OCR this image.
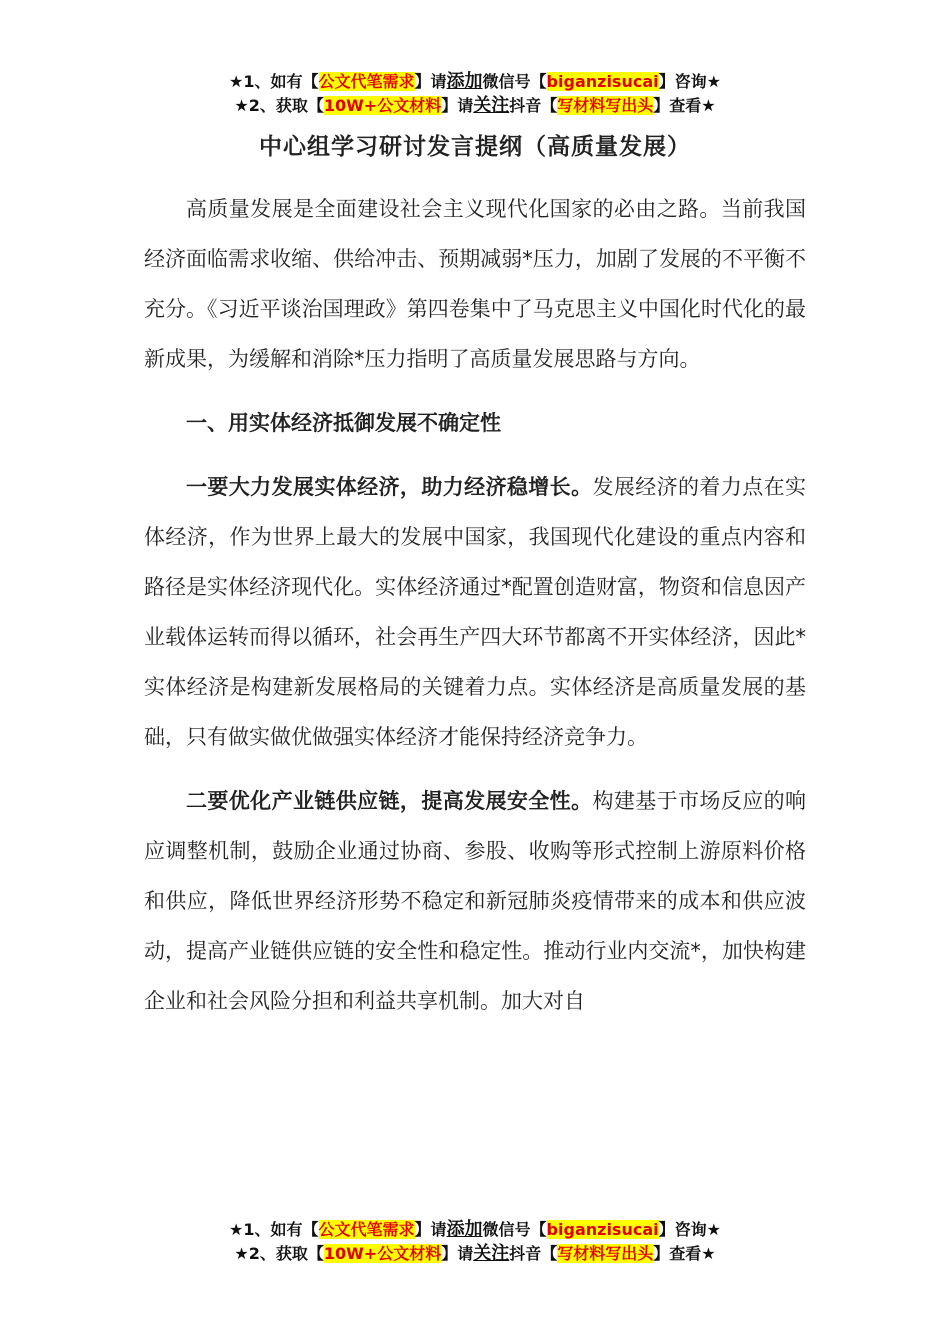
★1、如有【公文代笔需求】请添加微信号【biganzisucai】咨询★
★2、获取【10W+公文材料】请关注抖音【写材料写出头】查看★
中心组学习研讨发言提纲（高质量发展）

高质量发展是全面建设社会主义现代化国家的必由之路。当前我国经济面临需求收缩、供给冲击、预期减弱*压力，加剧了发展的不平衡不充分。《习近平谈治国理政》第四卷集中了马克思主义中国化时代化的最新成果，为缓解和消除*压力指明了高质量发展思路与方向。

一、用实体经济抵御发展不确定性

一要大力发展实体经济，助力经济稳增长。发展经济的着力点在实体经济，作为世界上最大的发展中国家，我国现代化建设的重点内容和路径是实体经济现代化。实体经济通过*配置创造财富，物资和信息因产业载体运转而得以循环，社会再生产四大环节都离不开实体经济，因此*实体经济是构建新发展格局的关键着力点。实体经济是高质量发展的基础，只有做实做优做强实体经济才能保持经济竞争力。

二要优化产业链供应链，提高发展安全性。构建基于市场反应的响应调整机制，鼓励企业通过协商、参股、收购等形式控制上游原料价格和供应，降低世界经济形势不稳定和新冠肺炎疫情带来的成本和供应波动，提高产业链供应链的安全性和稳定性。推动行业内交流*，加快构建企业和社会风险分担和利益共享机制。加大对自

★1、如有【公文代笔需求】请添加微信号【biganzisucai】咨询★
★2、获取【10W+公文材料】请关注抖音【写材料写出头】查看★
